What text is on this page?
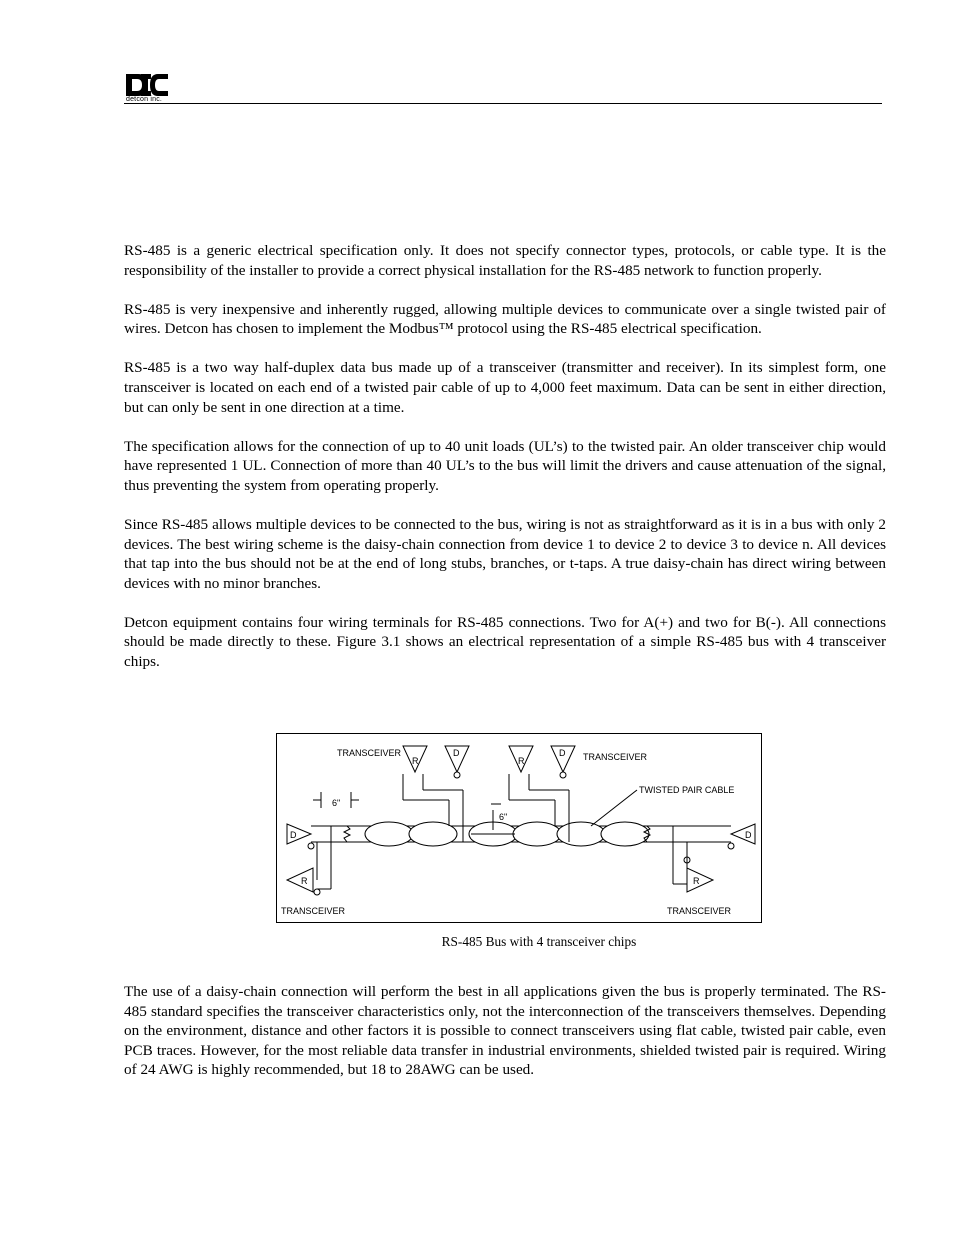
detcon inc.

RS-485 is a generic electrical specification only. It does not specify connector types, protocols, or cable type. It is the responsibility of the installer to provide a correct physical installation for the RS-485 network to function properly.

RS-485 is very inexpensive and inherently rugged, allowing multiple devices to communicate over a single twisted pair of wires. Detcon has chosen to implement the Modbus™ protocol using the RS-485 electrical specification.

RS-485 is a two way half-duplex data bus made up of a transceiver (transmitter and receiver). In its simplest form, one transceiver is located on each end of a twisted pair cable of up to 4,000 feet maximum. Data can be sent in either direction, but can only be sent in one direction at a time.

The specification allows for the connection of up to 40 unit loads (UL’s) to the twisted pair. An older transceiver chip would have represented 1 UL. Connection of more than 40 UL’s to the bus will limit the drivers and cause attenuation of the signal, thus preventing the system from operating properly.

Since RS-485 allows multiple devices to be connected to the bus, wiring is not as straightforward as it is in a bus with only 2 devices. The best wiring scheme is the daisy-chain connection from device 1 to device 2 to device 3 to device n. All devices that tap into the bus should not be at the end of long stubs, branches, or t-taps. A true daisy-chain has direct wiring between devices with no minor branches.

Detcon equipment contains four wiring terminals for RS-485 connections. Two for A(+) and two for B(-). All connections should be made directly to these. Figure 3.1 shows an electrical representation of a simple RS-485 bus with 4 transceiver chips.

TRANSCEIVER	TRANSCEIVER
TRANSCEIVER	TRANSCEIVER
TWISTED PAIR CABLE
6"
6"
R
D
R
D
D
R
D
R
RS-485 Bus with 4 transceiver chips

The use of a daisy-chain connection will perform the best in all applications given the bus is properly terminated. The RS-485 standard specifies the transceiver characteristics only, not the interconnection of the transceivers themselves. Depending on the environment, distance and other factors it is possible to connect transceivers using flat cable, twisted pair cable, even PCB traces. However, for the most reliable data transfer in industrial environments, shielded twisted pair is required. Wiring of 24 AWG is highly recommended, but 18 to 28AWG can be used.
